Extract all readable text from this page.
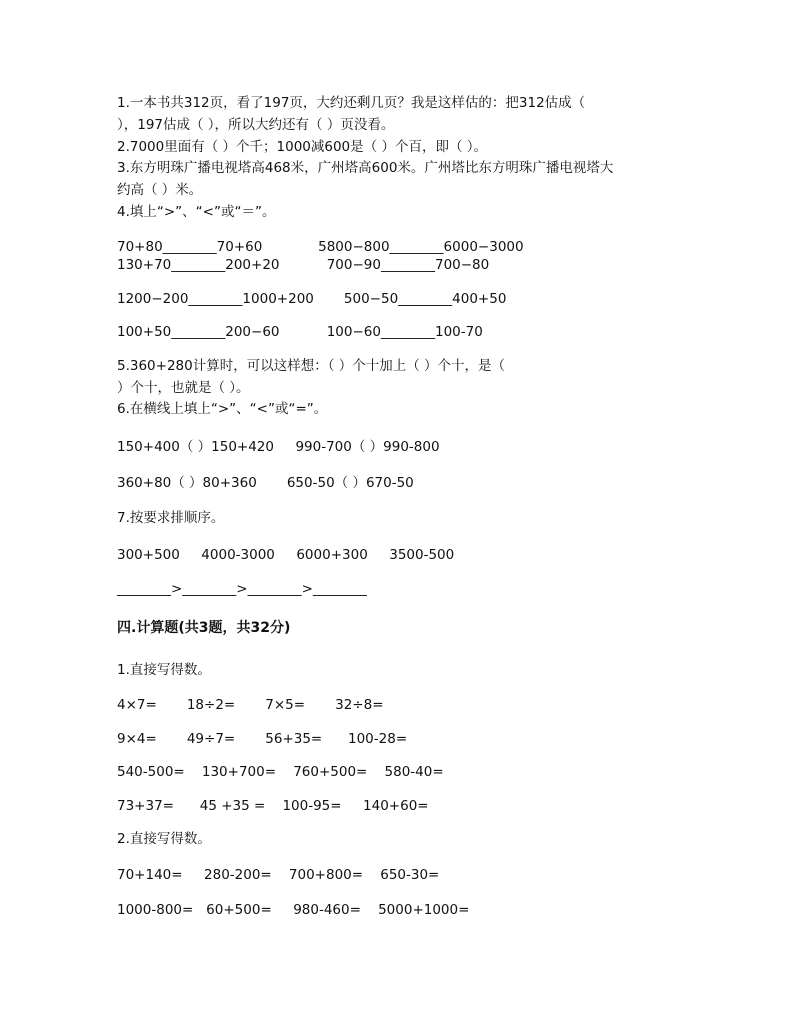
1.一本书共312页，看了197页，大约还剩几页？我是这样估的：把312估成（
），197估成（ ），所以大约还有（ ）页没看。
2.7000里面有（ ）个千；1000减600是（ ）个百，即（ ）。
3.东方明珠广播电视塔高468米，广州塔高600米。广州塔比东方明珠广播电视塔大
约高（ ）米。
4.填上“>”、“<”或“＝”。
70+80________70+60             5800−800________6000−3000
130+70________200+20           700−90________700−80
1200−200________1000+200       500−50________400+50
100+50________200−60           100−60________100-70
5.360+280计算时，可以这样想：（ ）个十加上（ ）个十，是（
）个十，也就是（ ）。
6.在横线上填上“>”、“<”或“=”。
150+400（ ）150+420     990-700（ ）990-800
360+80（ ）80+360       650-50（ ）670-50
7.按要求排顺序。
300+500     4000-3000     6000+300     3500-500
________>________>________>________
四.计算题(共3题，共32分)
1.直接写得数。
4×7=       18÷2=       7×5=       32÷8=
9×4=       49÷7=       56+35=      100-28=
540-500=    130+700=    760+500=    580-40=
73+37=      45 +35 =    100-95=     140+60=
2.直接写得数。
70+140=     280-200=    700+800=    650-30=
1000-800=   60+500=     980-460=    5000+1000=
